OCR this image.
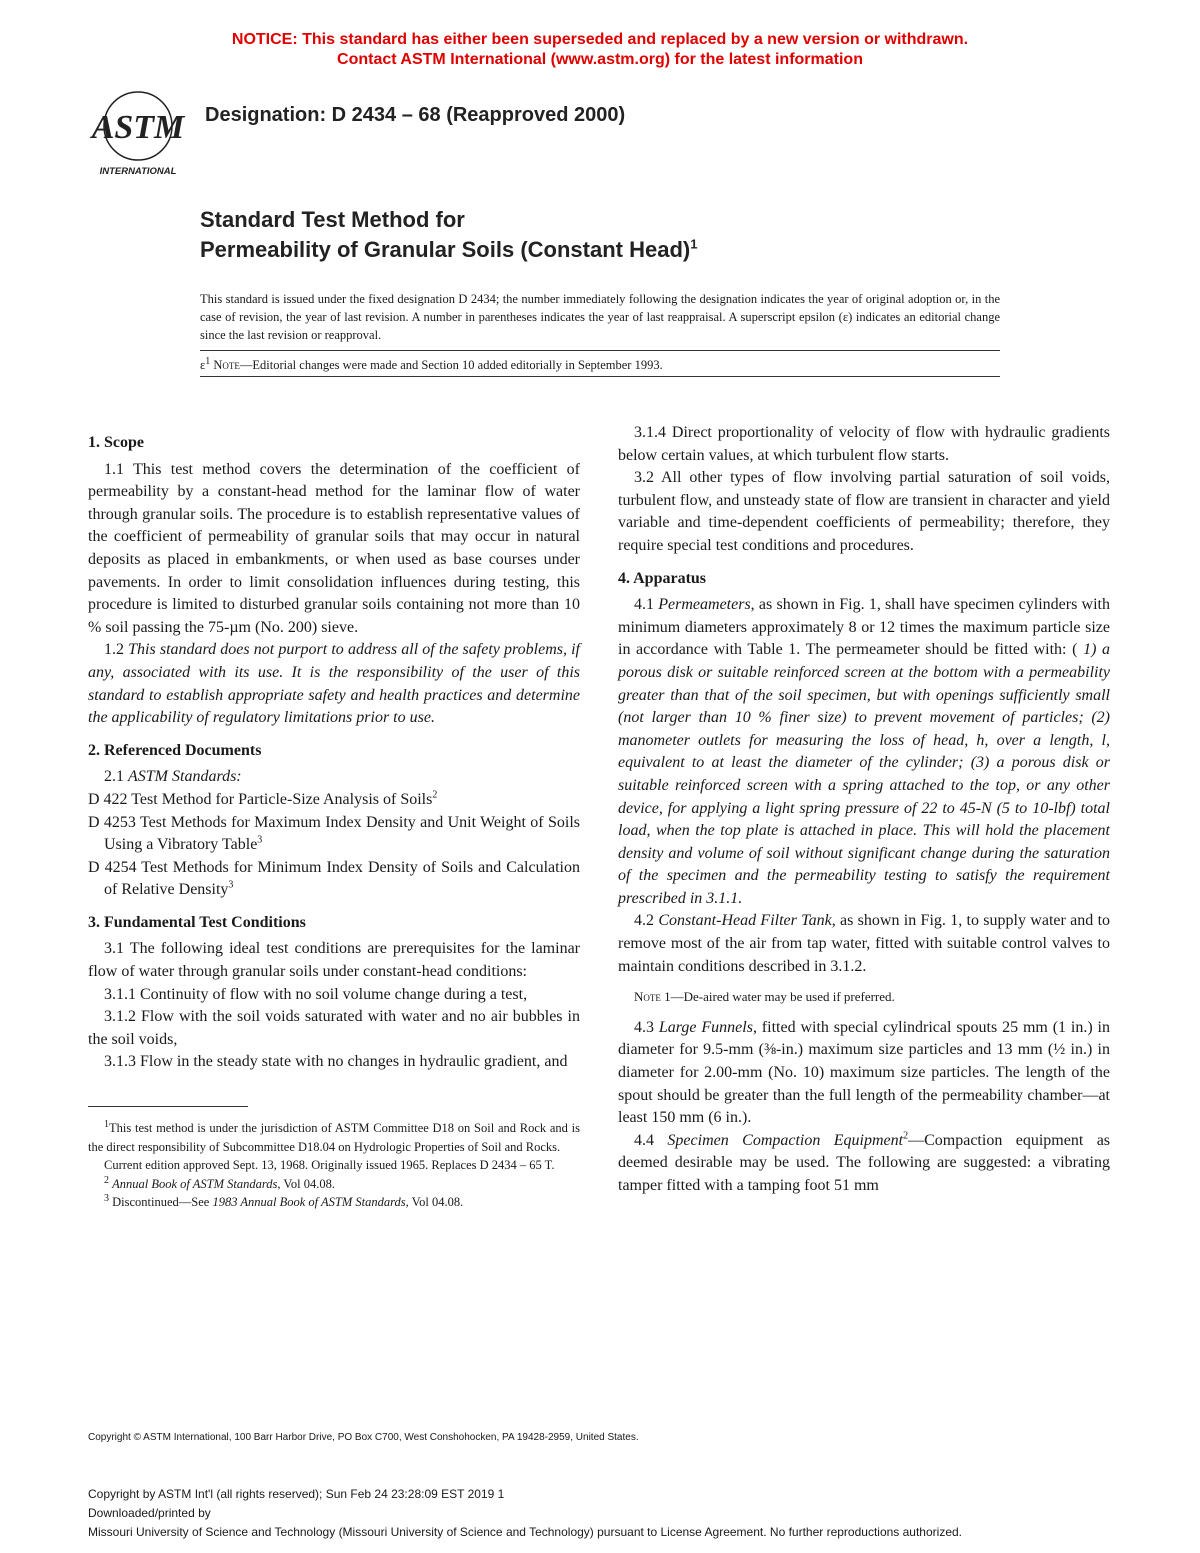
NOTICE: This standard has either been superseded and replaced by a new version or withdrawn.
Contact ASTM International (www.astm.org) for the latest information
ASTM
INTERNATIONAL
Designation: D 2434 – 68 (Reapproved 2000)
Standard Test Method for
Permeability of Granular Soils (Constant Head)$^1$
This standard is issued under the fixed designation D 2434; the number immediately following the designation indicates the year of original adoption or, in the case of revision, the year of last revision. A number in parentheses indicates the year of last reappraisal. A superscript epsilon (ε) indicates an editorial change since the last revision or reapproval.
$\varepsilon^1$ Note—Editorial changes were made and Section 10 added editorially in September 1993.

1. Scope

1.1 This test method covers the determination of the coefficient of permeability by a constant-head method for the laminar flow of water through granular soils. The procedure is to establish representative values of the coefficient of permeability of granular soils that may occur in natural deposits as placed in embankments, or when used as base courses under pavements. In order to limit consolidation influences during testing, this procedure is limited to disturbed granular soils containing not more than 10 % soil passing the 75-µm (No. 200) sieve.

1.2 This standard does not purport to address all of the safety problems, if any, associated with its use. It is the responsibility of the user of this standard to establish appropriate safety and health practices and determine the applicability of regulatory limitations prior to use.

2. Referenced Documents

2.1 ASTM Standards:

D 422 Test Method for Particle-Size Analysis of Soils$^2$

D 4253 Test Methods for Maximum Index Density and Unit Weight of Soils Using a Vibratory Table$^3$

D 4254 Test Methods for Minimum Index Density of Soils and Calculation of Relative Density$^3$

3. Fundamental Test Conditions

3.1 The following ideal test conditions are prerequisites for the laminar flow of water through granular soils under constant-head conditions:

3.1.1 Continuity of flow with no soil volume change during a test,

3.1.2 Flow with the soil voids saturated with water and no air bubbles in the soil voids,

3.1.3 Flow in the steady state with no changes in hydraulic gradient, and

$^1$This test method is under the jurisdiction of ASTM Committee D18 on Soil and Rock and is the direct responsibility of Subcommittee D18.04 on Hydrologic Properties of Soil and Rocks.

Current edition approved Sept. 13, 1968. Originally issued 1965. Replaces D 2434 – 65 T.

$^2$ Annual Book of ASTM Standards, Vol 04.08.

$^3$ Discontinued—See 1983 Annual Book of ASTM Standards, Vol 04.08.

3.1.4 Direct proportionality of velocity of flow with hydraulic gradients below certain values, at which turbulent flow starts.

3.2 All other types of flow involving partial saturation of soil voids, turbulent flow, and unsteady state of flow are transient in character and yield variable and time-dependent coefficients of permeability; therefore, they require special test conditions and procedures.

4. Apparatus

4.1 Permeameters, as shown in Fig. 1, shall have specimen cylinders with minimum diameters approximately 8 or 12 times the maximum particle size in accordance with Table 1. The permeameter should be fitted with: ( 1) a porous disk or suitable reinforced screen at the bottom with a permeability greater than that of the soil specimen, but with openings sufficiently small (not larger than 10 % finer size) to prevent movement of particles; (2) manometer outlets for measuring the loss of head, h, over a length, l, equivalent to at least the diameter of the cylinder; (3) a porous disk or suitable reinforced screen with a spring attached to the top, or any other device, for applying a light spring pressure of 22 to 45-N (5 to 10-lbf) total load, when the top plate is attached in place. This will hold the placement density and volume of soil without significant change during the saturation of the specimen and the permeability testing to satisfy the requirement prescribed in 3.1.1.

4.2 Constant-Head Filter Tank, as shown in Fig. 1, to supply water and to remove most of the air from tap water, fitted with suitable control valves to maintain conditions described in 3.1.2.

Note 1—De-aired water may be used if preferred.

4.3 Large Funnels, fitted with special cylindrical spouts 25 mm (1 in.) in diameter for 9.5-mm (⅜-in.) maximum size particles and 13 mm (½ in.) in diameter for 2.00-mm (No. 10) maximum size particles. The length of the spout should be greater than the full length of the permeability chamber—at least 150 mm (6 in.).

4.4 Specimen Compaction Equipment$^2$—Compaction equipment as deemed desirable may be used. The following are suggested: a vibrating tamper fitted with a tamping foot 51 mm

Copyright © ASTM International, 100 Barr Harbor Drive, PO Box C700, West Conshohocken, PA 19428-2959, United States.
Copyright by ASTM Int'l (all rights reserved); Sun Feb 24 23:28:09 EST 2019 1
Downloaded/printed by
Missouri University of Science and Technology (Missouri University of Science and Technology) pursuant to License Agreement. No further reproductions authorized.
